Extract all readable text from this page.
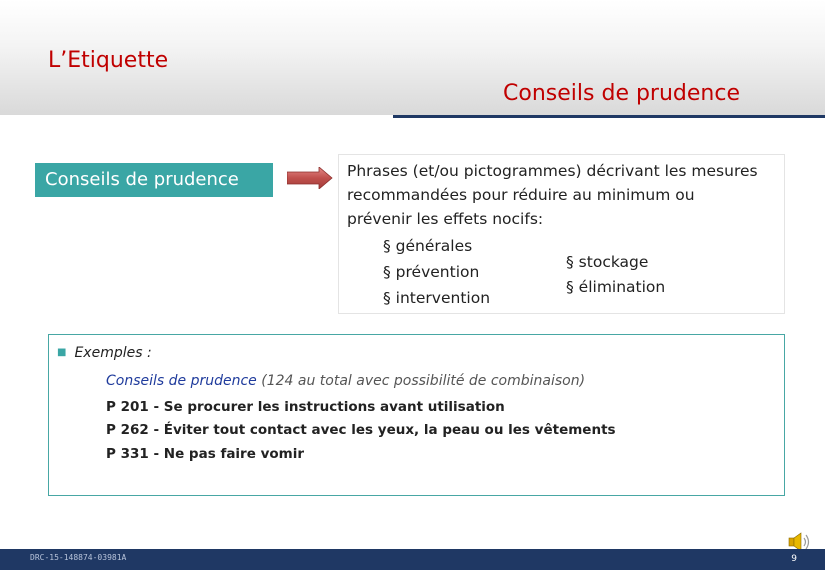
L’Etiquette
Conseils de prudence
Conseils de prudence	Phrases (et/ou pictogrammes) décrivant les mesures
recommandées pour réduire au minimum ou
prévenir les effets nocifs:
§ générales
§ prévention
§ intervention
§ stockage
§ élimination
■ Exemples :
Conseils de prudence (124 au total avec possibilité de combinaison)
P 201 - Se procurer les instructions avant utilisation
P 262 - Éviter tout contact avec les yeux, la peau ou les vêtements
P 331 - Ne pas faire vomir
DRC-15-148874-03981A	9
